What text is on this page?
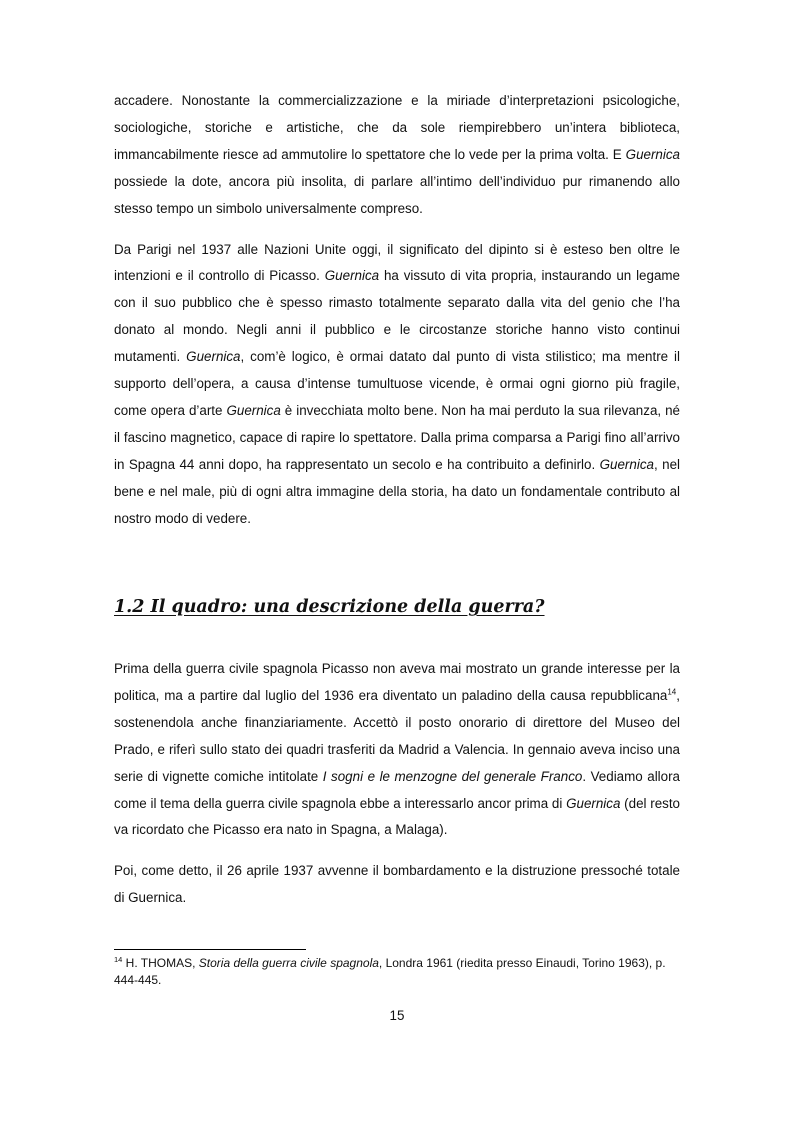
accadere. Nonostante la commercializzazione e la miriade d’interpretazioni psicologiche, sociologiche, storiche e artistiche, che da sole riempirebbero un’intera biblioteca, immancabilmente riesce ad ammutolire lo spettatore che lo vede per la prima volta. E Guernica possiede la dote, ancora più insolita, di parlare all’intimo dell’individuo pur rimanendo allo stesso tempo un simbolo universalmente compreso.

Da Parigi nel 1937 alle Nazioni Unite oggi, il significato del dipinto si è esteso ben oltre le intenzioni e il controllo di Picasso. Guernica ha vissuto di vita propria, instaurando un legame con il suo pubblico che è spesso rimasto totalmente separato dalla vita del genio che l’ha donato al mondo. Negli anni il pubblico e le circostanze storiche hanno visto continui mutamenti. Guernica, com’è logico, è ormai datato dal punto di vista stilistico; ma mentre il supporto dell’opera, a causa d’intense tumultuose vicende, è ormai ogni giorno più fragile, come opera d’arte Guernica è invecchiata molto bene. Non ha mai perduto la sua rilevanza, né il fascino magnetico, capace di rapire lo spettatore. Dalla prima comparsa a Parigi fino all’arrivo in Spagna 44 anni dopo, ha rappresentato un secolo e ha contribuito a definirlo. Guernica, nel bene e nel male, più di ogni altra immagine della storia, ha dato un fondamentale contributo al nostro modo di vedere.

1.2 Il quadro: una descrizione della guerra?

Prima della guerra civile spagnola Picasso non aveva mai mostrato un grande interesse per la politica, ma a partire dal luglio del 1936 era diventato un paladino della causa repubblicana$^{14}$, sostenendola anche finanziariamente. Accettò il posto onorario di direttore del Museo del Prado, e riferì sullo stato dei quadri trasferiti da Madrid a Valencia. In gennaio aveva inciso una serie di vignette comiche intitolate I sogni e le menzogne del generale Franco. Vediamo allora come il tema della guerra civile spagnola ebbe a interessarlo ancor prima di Guernica (del resto va ricordato che Picasso era nato in Spagna, a Malaga).

Poi, come detto, il 26 aprile 1937 avvenne il bombardamento e la distruzione pressoché totale di Guernica.

$^{14}$ H. THOMAS, Storia della guerra civile spagnola, Londra 1961 (riedita presso Einaudi, Torino 1963), p. 444-445.

15
